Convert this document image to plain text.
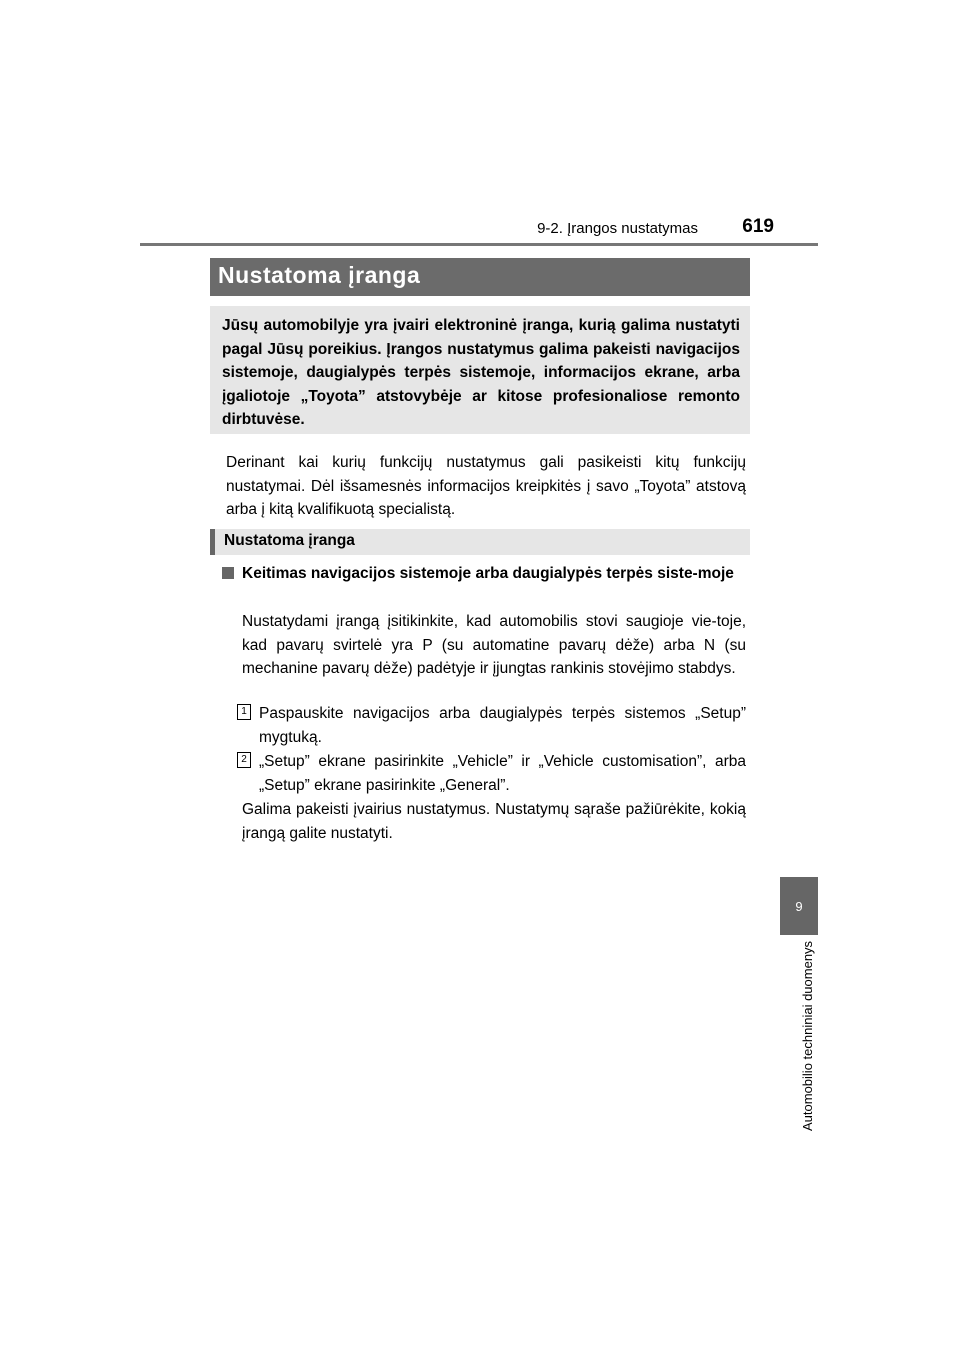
9-2. Įrangos nustatymas 619
9
Automobilio techniniai duomenys
Nustatoma įranga
Jūsų automobilyje yra įvairi elektroninė įranga, kurią galima nustatyti pagal Jūsų poreikius. Įrangos nustatymus galima pakeisti navigacijos sistemoje, daugialypės terpės sistemoje, informacijos ekrane, arba įgaliotoje „Toyota” atstovybėje ar kitose profesionaliose remonto dirbtuvėse.
Derinant kai kurių funkcijų nustatymus gali pasikeisti kitų funkcijų nustatymai. Dėl išsamesnės informacijos kreipkitės į savo „Toyota” atstovą arba į kitą kvalifikuotą specialistą.
Nustatoma įranga
Keitimas navigacijos sistemoje arba daugialypės terpės siste-moje
Nustatydami įrangą įsitikinkite, kad automobilis stovi saugioje vie-toje, kad pavarų svirtelė yra P (su automatine pavarų dėže) arba N (su mechanine pavarų dėže) padėtyje ir įjungtas rankinis stovėjimo stabdys.
1 Paspauskite navigacijos arba daugialypės terpės sistemos „Setup” mygtuką.
2 „Setup” ekrane pasirinkite „Vehicle” ir „Vehicle customisation”, arba „Setup” ekrane pasirinkite „General”.
Galima pakeisti įvairius nustatymus. Nustatymų sąraše pažiūrėkite, kokią įrangą galite nustatyti.
